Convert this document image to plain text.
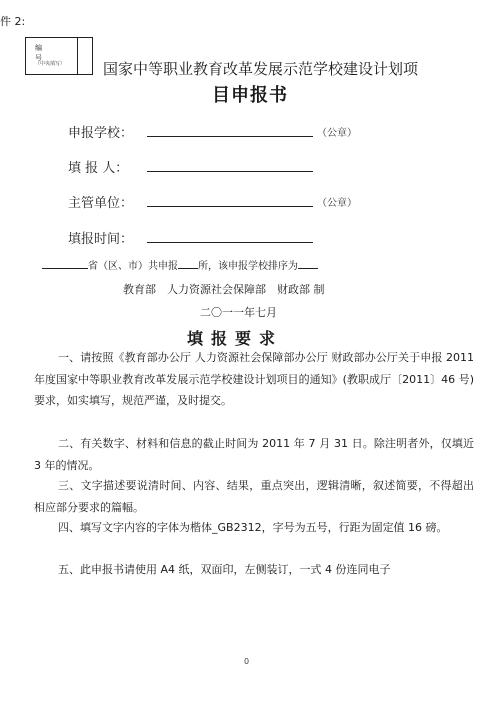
件 2:
编号
（中央填写）	国家中等职业教育改革发展示范学校建设计划项
目申报书
申报学校：	（公章）
填 报 人：
主管单位：	（公章）
填报时间：
省（区、市）共申报 所，该申报学校排序为
教育部　人力资源社会保障部　财政部 制
二〇一一年七月
填报要求
一、请按照《教育部办公厅 人力资源社会保障部办公厅 财政部办公厅关于申报 2011 年度国家中等职业教育改革发展示范学校建设计划项目的通知》(教职成厅〔2011〕46 号)要求，如实填写，规范严谨，及时提交。
二、有关数字、材料和信息的截止时间为 2011 年 7 月 31 日。除注明者外，仅填近 3 年的情况。
三、文字描述要说清时间、内容、结果，重点突出，逻辑清晰，叙述简要，不得超出相应部分要求的篇幅。
四、填写文字内容的字体为楷体_GB2312，字号为五号，行距为固定值 16 磅。
五、此申报书请使用 A4 纸，双面印，左侧装订，一式 4 份连同电子
0
